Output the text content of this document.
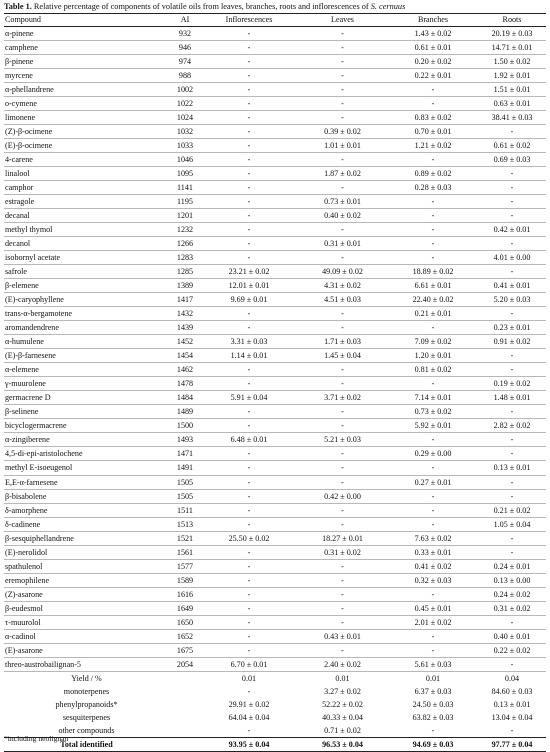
Table 1. Relative percentage of components of volatile oils from leaves, branches, roots and inflorescences of S. cernuus
Compound	AI	Inflorescences	Leaves	Branches	Roots
α-pinene	932	-	-	1.43 ± 0.02	20.19 ± 0.03
camphene	946	-	-	0.61 ± 0.01	14.71 ± 0.01
β-pinene	974	-	-	0.20 ± 0.02	1.50 ± 0.02
myrcene	988	-	-	0.22 ± 0.01	1.92 ± 0.01
α-phellandrene	1002	-	-	-	1.51 ± 0.01
o-cymene	1022	-	-	-	0.63 ± 0.01
limonene	1024	-	-	0.83 ± 0.02	38.41 ± 0.03
(Z)-β-ocimene	1032	-	0.39 ± 0.02	0.70 ± 0.01	-
(E)-β-ocimene	1033	-	1.01 ± 0.01	1.21 ± 0.02	0.61 ± 0.02
4-carene	1046	-	-	-	0.69 ± 0.03
linalool	1095	-	1.87 ± 0.02	0.89 ± 0.02	-
camphor	1141	-	-	0.28 ± 0.03	-
estragole	1195	-	0.73 ± 0.01	-	-
decanal	1201	-	0.40 ± 0.02	-	-
methyl thymol	1232	-	-	-	0.42 ± 0.01
decanol	1266	-	0.31 ± 0.01	-	-
isobornyl acetate	1283	-	-	-	4.01 ± 0.00
safrole	1285	23.21 ± 0.02	49.09 ± 0.02	18.89 ± 0.02	-
β-elemene	1389	12.01 ± 0.01	4.31 ± 0.02	6.61 ± 0.01	0.41 ± 0.01
(E)-caryophyllene	1417	9.69 ± 0.01	4.51 ± 0.03	22.40 ± 0.02	5.20 ± 0.03
trans-α-bergamotene	1432	-	-	0.21 ± 0.01	-
aromandendrene	1439	-	-	-	0.23 ± 0.01
α-humulene	1452	3.31 ± 0.03	1.71 ± 0.03	7.09 ± 0.02	0.91 ± 0.02
(E)-β-farnesene	1454	1.14 ± 0.01	1.45 ± 0.04	1.20 ± 0.01	-
α-elemene	1462	-	-	0.81 ± 0.02	-
γ-muurolene	1478	-	-	-	0.19 ± 0.02
germacrene D	1484	5.91 ± 0.04	3.71 ± 0.02	7.14 ± 0.01	1.48 ± 0.01
β-selinene	1489	-	-	0.73 ± 0.02	-
bicyclogermacrene	1500	-	-	5.92 ± 0.01	2.82 ± 0.02
α-zingiberene	1493	6.48 ± 0.01	5.21 ± 0.03	-	-
4,5-di-epi-aristolochene	1471	-	-	0.29 ± 0.00	-
methyl E-isoeugenol	1491	-	-	-	0.13 ± 0.01
E,E-α-farnesene	1505	-	-	0.27 ± 0.01	-
β-bisabolene	1505	-	0.42 ± 0.00	-	-
δ-amorphene	1511	-	-	-	0.21 ± 0.02
δ-cadinene	1513	-	-	-	1.05 ± 0.04
β-sesquiphellandrene	1521	25.50 ± 0.02	18.27 ± 0.01	7.63 ± 0.02	-
(E)-nerolidol	1561	-	0.31 ± 0.02	0.33 ± 0.01	-
spathulenol	1577	-	-	0.41 ± 0.02	0.24 ± 0.01
eremophilene	1589	-	-	0.32 ± 0.03	0.13 ± 0.00
(Z)-asarone	1616	-	-	-	0.24 ± 0.02
β-eudesmol	1649	-	-	0.45 ± 0.01	0.31 ± 0.02
τ-muurolol	1650	-	-	2.01 ± 0.02	-
α-cadinol	1652	-	0.43 ± 0.01	-	0.40 ± 0.01
(E)-asarone	1675	-	-	-	0.22 ± 0.02
threo-austrobailignan-5	2054	6.70 ± 0.01	2.40 ± 0.02	5.61 ± 0.03	-
Yield / %		0.01	0.01	0.01	0.04
monoterpenes		-	3.27 ± 0.02	6.37 ± 0.03	84.60 ± 0.03
phenylpropanoids*		29.91 ± 0.02	52.22 ± 0.02	24.50 ± 0.03	0.13 ± 0.01
sesquiterpenes		64.04 ± 0.04	40.33 ± 0.04	63.82 ± 0.03	13.04 ± 0.04
other compounds		-	0.71 ± 0.02	-	-
Total identified		93.95 ± 0.04	96.53 ± 0.04	94.69 ± 0.03	97.77 ± 0.04
*including neolignan
